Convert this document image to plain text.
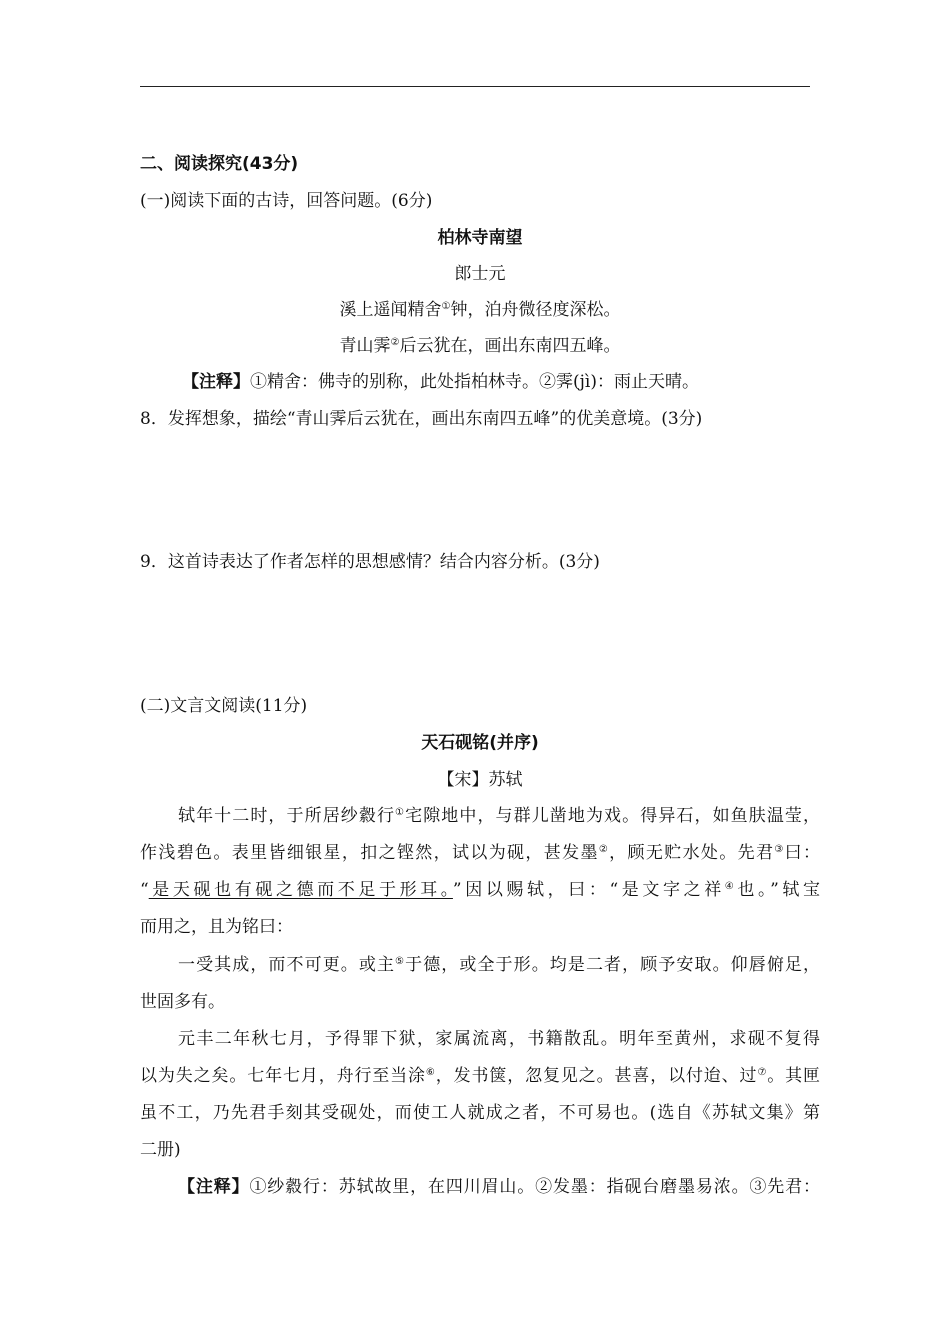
二、阅读探究(43分)
(一)阅读下面的古诗，回答问题。(6分)
柏林寺南望
郎士元
溪上遥闻精舍①钟，泊舟微径度深松。
青山霁②后云犹在，画出东南四五峰。
【注释】①精舍：佛寺的别称，此处指柏林寺。②霁(jì)：雨止天晴。
8．发挥想象，描绘“青山霁后云犹在，画出东南四五峰”的优美意境。(3分)
9．这首诗表达了作者怎样的思想感情？结合内容分析。(3分)
(二)文言文阅读(11分)
天石砚铭(并序)
【宋】苏轼
轼年十二时，于所居纱縠行①宅隙地中，与群儿凿地为戏。得异石，如鱼肤温莹，
作浅碧色。表里皆细银星，扣之铿然，试以为砚，甚发墨②，顾无贮水处。先君③曰：
“是天砚也有砚之德而不足于形耳。”因以赐轼，曰：“是文字之祥④也。”轼宝
而用之，且为铭曰：
一受其成，而不可更。或主⑤于德，或全于形。均是二者，顾予安取。仰唇俯足，
世固多有。
元丰二年秋七月，予得罪下狱，家属流离，书籍散乱。明年至黄州，求砚不复得
以为失之矣。七年七月，舟行至当涂⑥，发书箧，忽复见之。甚喜，以付迨、过⑦。其匣
虽不工，乃先君手刻其受砚处，而使工人就成之者，不可易也。(选自《苏轼文集》第
二册)
【注释】①纱縠行：苏轼故里，在四川眉山。②发墨：指砚台磨墨易浓。③先君：
